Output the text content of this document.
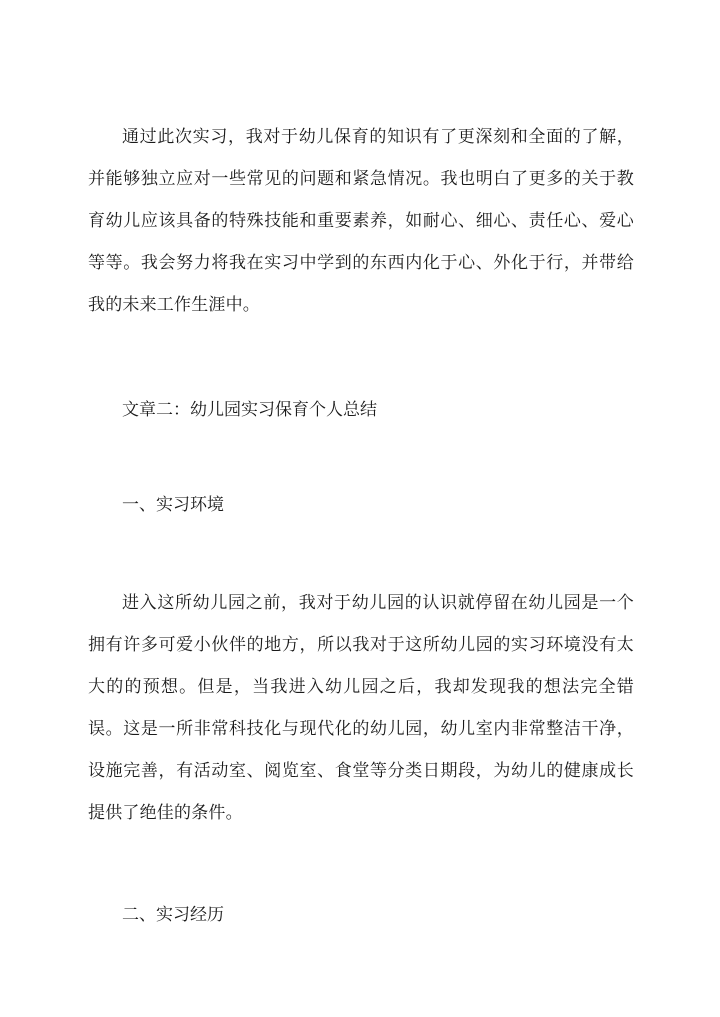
通过此次实习，我对于幼儿保育的知识有了更深刻和全面的了解，并能够独立应对一些常见的问题和紧急情况。我也明白了更多的关于教育幼儿应该具备的特殊技能和重要素养，如耐心、细心、责任心、爱心等等。我会努力将我在实习中学到的东西内化于心、外化于行，并带给我的未来工作生涯中。

文章二：幼儿园实习保育个人总结

一、实习环境

进入这所幼儿园之前，我对于幼儿园的认识就停留在幼儿园是一个拥有许多可爱小伙伴的地方，所以我对于这所幼儿园的实习环境没有太大的的预想。但是，当我进入幼儿园之后，我却发现我的想法完全错误。这是一所非常科技化与现代化的幼儿园，幼儿室内非常整洁干净，设施完善，有活动室、阅览室、食堂等分类日期段，为幼儿的健康成长提供了绝佳的条件。

二、实习经历
